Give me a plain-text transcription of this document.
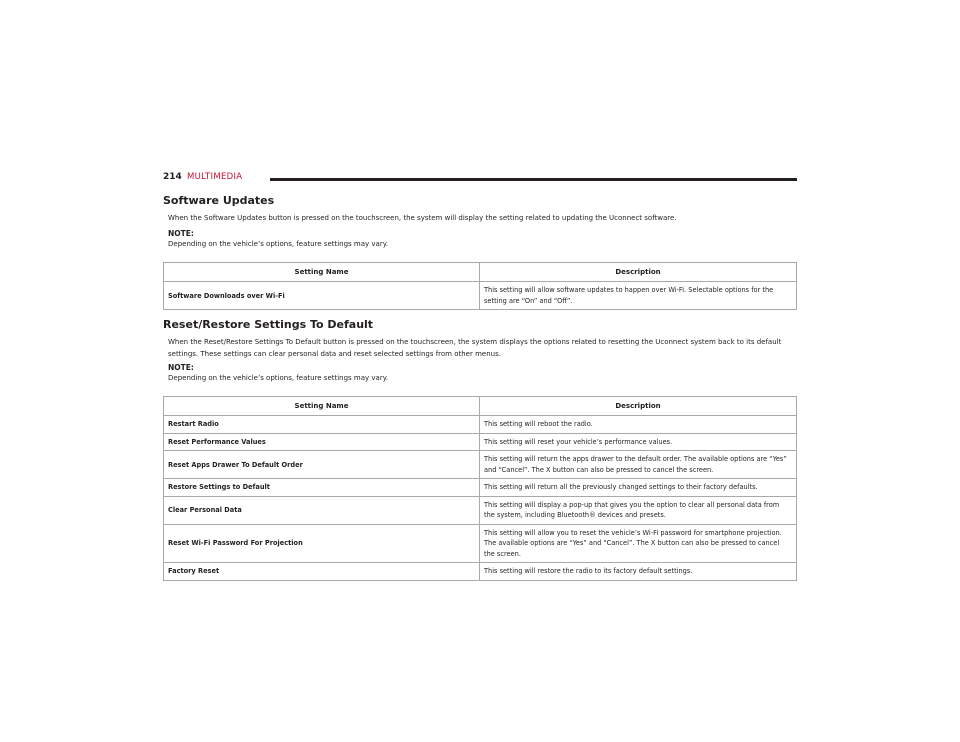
214 MULTIMEDIA
Software Updates
When the Software Updates button is pressed on the touchscreen, the system will display the setting related to updating the Uconnect software.
NOTE:
Depending on the vehicle’s options, feature settings may vary.
Setting Name	Description
Software Downloads over Wi-Fi	This setting will allow software updates to happen over Wi-Fi. Selectable options for the setting are “On” and “Off”.
Reset/Restore Settings To Default
When the Reset/Restore Settings To Default button is pressed on the touchscreen, the system displays the options related to resetting the Uconnect system back to its default settings. These settings can clear personal data and reset selected settings from other menus.
NOTE:
Depending on the vehicle’s options, feature settings may vary.
Setting Name	Description
Restart Radio	This setting will reboot the radio.
Reset Performance Values	This setting will reset your vehicle’s performance values.
Reset Apps Drawer To Default Order	This setting will return the apps drawer to the default order. The available options are “Yes” and “Cancel”. The X button can also be pressed to cancel the screen.
Restore Settings to Default	This setting will return all the previously changed settings to their factory defaults.
Clear Personal Data	This setting will display a pop-up that gives you the option to clear all personal data from the system, including Bluetooth® devices and presets.
Reset Wi-Fi Password For Projection	This setting will allow you to reset the vehicle’s Wi-Fi password for smartphone projection. The available options are “Yes” and “Cancel”. The X button can also be pressed to cancel the screen.
Factory Reset	This setting will restore the radio to its factory default settings.
